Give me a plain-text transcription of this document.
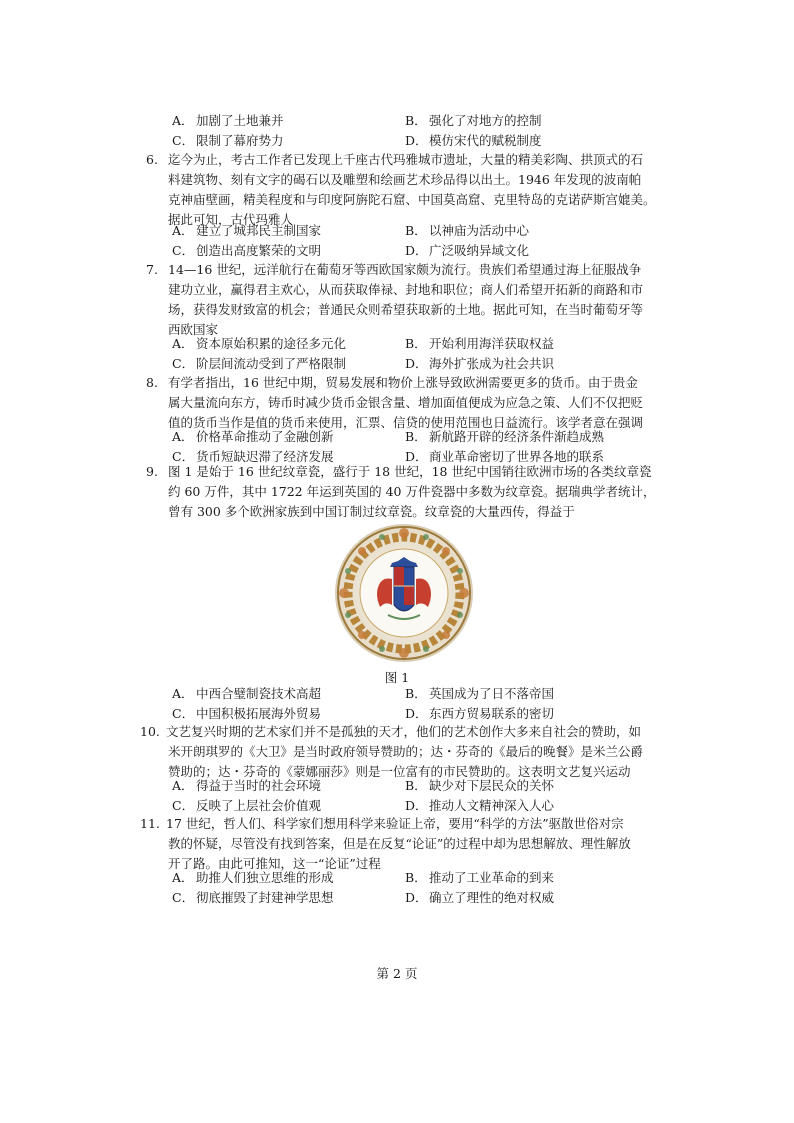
A． 加剧了土地兼并	B． 强化了对地方的控制
C． 限制了幕府势力	D．模仿宋代的赋税制度
6. 迄今为止，考古工作者已发现上千座古代玛雅城市遗址，大量的精美彩陶、拱顶式的石
料建筑物、刻有文字的碣石以及雕塑和绘画艺术珍品得以出土。1946 年发现的波南帕
克神庙壁画，精美程度和与印度阿旃陀石窟、中国莫高窟、克里特岛的克诺萨斯宫媲美。
据此可知，古代玛雅人
A． 建立了城邦民主制国家	B． 以神庙为活动中心
C． 创造出高度繁荣的文明	D．广泛吸纳异域文化
7. 14—16 世纪，远洋航行在葡萄牙等西欧国家颇为流行。贵族们希望通过海上征服战争
建功立业，赢得君主欢心，从而获取俸禄、封地和职位；商人们希望开拓新的商路和市
场，获得发财致富的机会；普通民众则希望获取新的土地。据此可知，在当时葡萄牙等
西欧国家
A． 资本原始积累的途径多元化	B． 开始利用海洋获取权益
C． 阶层间流动受到了严格限制	D．海外扩张成为社会共识
8. 有学者指出，16 世纪中期，贸易发展和物价上涨导致欧洲需要更多的货币。由于贵金
属大量流向东方，铸币时减少货币金银含量、增加面值便成为应急之策、人们不仅把贬
值的货币当作是值的货币来使用，汇票、信贷的使用范围也日益流行。该学者意在强调
A． 价格革命推动了金融创新	B． 新航路开辟的经济条件渐趋成熟
C． 货币短缺迟滞了经济发展	D．商业革命密切了世界各地的联系
9. 图 1 是始于 16 世纪纹章瓷，盛行于 18 世纪，18 世纪中国销往欧洲市场的各类纹章瓷
约 60 万件，其中 1722 年运到英国的 40 万件瓷器中多数为纹章瓷。据瑞典学者统计，
曾有 300 多个欧洲家族到中国订制过纹章瓷。纹章瓷的大量西传，得益于
图 1
A． 中西合璧制瓷技术高超	B． 英国成为了日不落帝国
C． 中国积极拓展海外贸易	D．东西方贸易联系的密切
10. 文艺复兴时期的艺术家们并不是孤独的天才，他们的艺术创作大多来自社会的赞助，如
米开朗琪罗的《大卫》是当时政府领导赞助的；达・芬奇的《最后的晚餐》是米兰公爵
赞助的；达・芬奇的《蒙娜丽莎》则是一位富有的市民赞助的。这表明文艺复兴运动
A． 得益于当时的社会环境	B． 缺少对下层民众的关怀
C． 反映了上层社会价值观	D．推动人文精神深入人心
11. 17 世纪，哲人们、科学家们想用科学来验证上帝，要用“科学的方法”驱散世俗对宗
教的怀疑，尽管没有找到答案，但是在反复“论证”的过程中却为思想解放、理性解放
开了路。由此可推知，这一“论证”过程
A． 助推人们独立思维的形成	B． 推动了工业革命的到来
C． 彻底摧毁了封建神学思想	D．确立了理性的绝对权威
第 2 页
